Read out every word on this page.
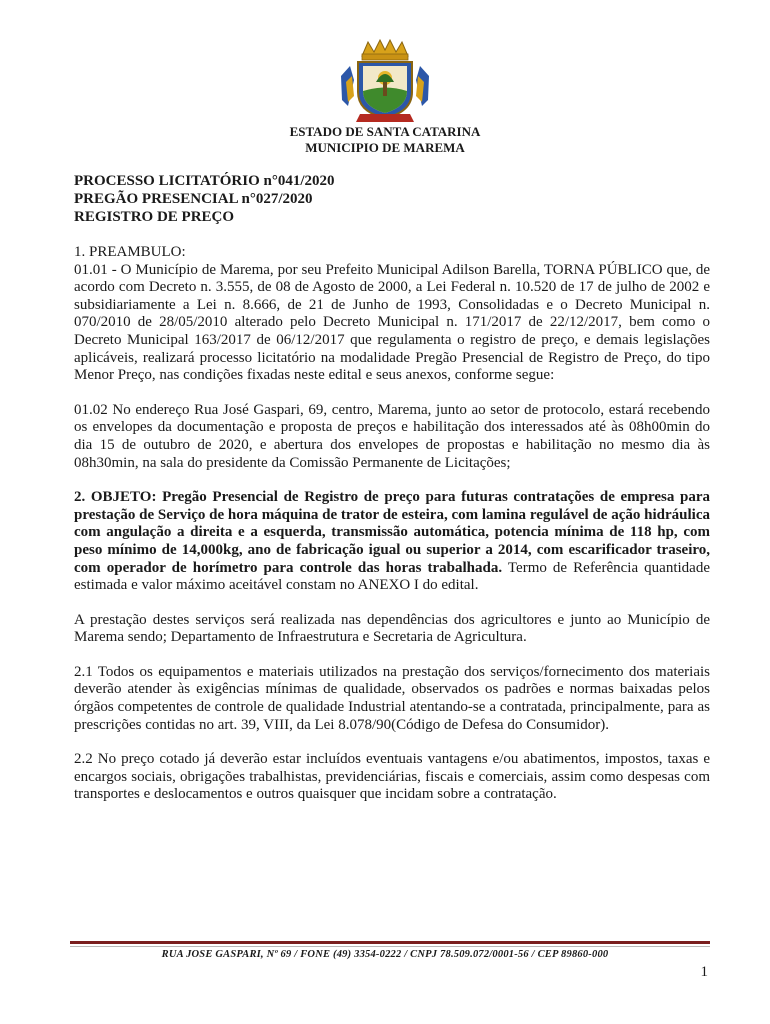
ESTADO DE SANTA CATARINA
MUNICIPIO DE MAREMA
PROCESSO LICITATÓRIO n°041/2020
PREGÃO PRESENCIAL n°027/2020
REGISTRO DE PREÇO

1. PREAMBULO:

01.01 - O Município de Marema, por seu Prefeito Municipal Adilson Barella, TORNA PÚBLICO que, de acordo com Decreto n. 3.555, de 08 de Agosto de 2000, a Lei Federal n. 10.520 de 17 de julho de 2002 e subsidiariamente a Lei n. 8.666, de 21 de Junho de 1993, Consolidadas e o Decreto Municipal n. 070/2010 de 28/05/2010 alterado pelo Decreto Municipal n. 171/2017 de 22/12/2017, bem como o Decreto Municipal 163/2017 de 06/12/2017 que regulamenta o registro de preço, e demais legislações aplicáveis, realizará processo licitatório na modalidade Pregão Presencial de Registro de Preço, do tipo Menor Preço, nas condições fixadas neste edital e seus anexos, conforme segue:

01.02 No endereço Rua José Gaspari, 69, centro, Marema, junto ao setor de protocolo, estará recebendo os envelopes da documentação e proposta de preços e habilitação dos interessados até às 08h00min do dia 15 de outubro de 2020, e abertura dos envelopes de propostas e habilitação no mesmo dia às 08h30min, na sala do presidente da Comissão Permanente de Licitações;

2. OBJETO: Pregão Presencial de Registro de preço para futuras contratações de empresa para prestação de Serviço de hora máquina de trator de esteira, com lamina regulável de ação hidráulica com angulação a direita e a esquerda, transmissão automática, potencia mínima de 118 hp, com peso mínimo de 14,000kg, ano de fabricação igual ou superior a 2014, com escarificador traseiro, com operador de horímetro para controle das horas trabalhada. Termo de Referência quantidade estimada e valor máximo aceitável constam no ANEXO I do edital.

A prestação destes serviços será realizada nas dependências dos agricultores e junto ao Município de Marema sendo; Departamento de Infraestrutura e Secretaria de Agricultura.

2.1 Todos os equipamentos e materiais utilizados na prestação dos serviços/fornecimento dos materiais deverão atender às exigências mínimas de qualidade, observados os padrões e normas baixadas pelos órgãos competentes de controle de qualidade Industrial atentando-se a contratada, principalmente, para as prescrições contidas no art. 39, VIII, da Lei 8.078/90(Código de Defesa do Consumidor).

2.2 No preço cotado já deverão estar incluídos eventuais vantagens e/ou abatimentos, impostos, taxas e encargos sociais, obrigações trabalhistas, previdenciárias, fiscais e comerciais, assim como despesas com transportes e deslocamentos e outros quaisquer que incidam sobre a contratação.

RUA JOSE GASPARI, Nº 69 / FONE (49) 3354-0222 / CNPJ 78.509.072/0001-56 / CEP 89860-000
1
